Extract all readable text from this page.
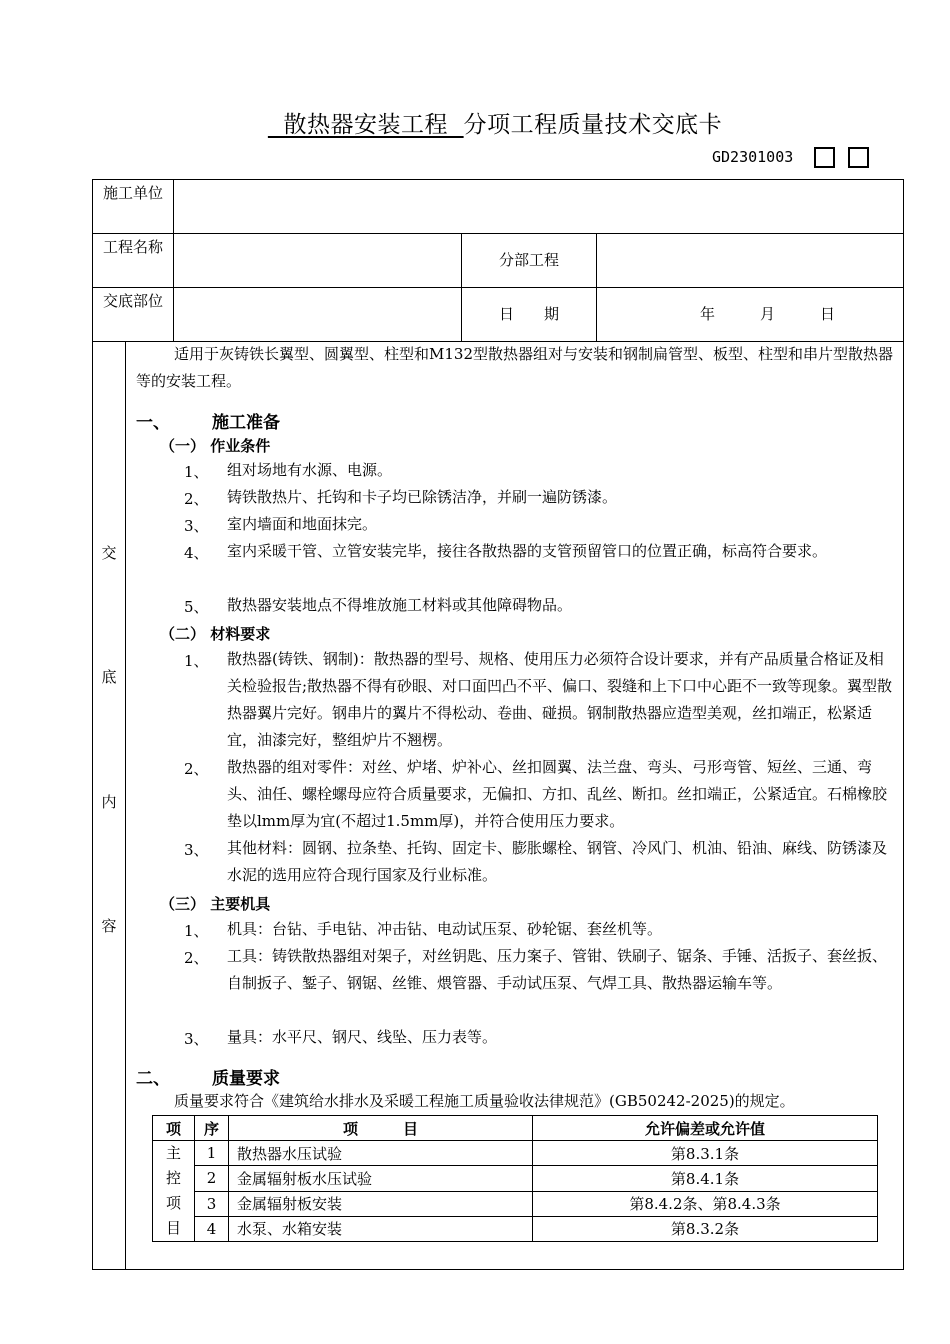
散热器安装工程 分项工程质量技术交底卡
GD2301003
施工单位
工程名称
分部工程
交底部位
日　　期	年　　　月　　　日
交
底
内
容
适用于灰铸铁长翼型、圆翼型、柱型和M132型散热器组对与安装和钢制扁管型、板型、柱型和串片型散热器等的安装工程。
一、 施工准备
（一） 作业条件
1、 组对场地有水源、电源。
2、 铸铁散热片、托钩和卡子均已除锈洁净，并刷一遍防锈漆。
3、 室内墙面和地面抹完。
4、 室内采暖干管、立管安装完毕，接往各散热器的支管预留管口的位置正确，标高符合要求。
5、 散热器安装地点不得堆放施工材料或其他障碍物品。
（二） 材料要求
1、 散热器(铸铁、钢制)：散热器的型号、规格、使用压力必须符合设计要求，并有产品质量合格证及相关检验报告;散热器不得有砂眼、对口面凹凸不平、偏口、裂缝和上下口中心距不一致等现象。翼型散热器翼片完好。钢串片的翼片不得松动、卷曲、碰损。钢制散热器应造型美观，丝扣端正，松紧适宜，油漆完好，整组炉片不翘楞。
2、 散热器的组对零件：对丝、炉堵、炉补心、丝扣圆翼、法兰盘、弯头、弓形弯管、短丝、三通、弯头、油任、螺栓螺母应符合质量要求，无偏扣、方扣、乱丝、断扣。丝扣端正，公紧适宜。石棉橡胶垫以lmm厚为宜(不超过1.5mm厚)，并符合使用压力要求。
3、 其他材料：圆钢、拉条垫、托钩、固定卡、膨胀螺栓、钢管、冷风门、机油、铅油、麻线、防锈漆及水泥的选用应符合现行国家及行业标准。
（三） 主要机具
1、 机具：台钻、手电钻、冲击钻、电动试压泵、砂轮锯、套丝机等。
2、 工具：铸铁散热器组对架子，对丝钥匙、压力案子、管钳、铁刷子、锯条、手锤、活扳子、套丝扳、自制扳子、錾子、钢锯、丝锥、煨管器、手动试压泵、气焊工具、散热器运输车等。
3、 量具：水平尺、钢尺、线坠、压力表等。
二、 质量要求
质量要求符合《建筑给水排水及采暖工程施工质量验收法律规范》(GB50242-2025)的规定。
项	序	项　　　目	允许偏差或允许值

主
控
项
目	1	散热器水压试验	第8.3.1条
	2	金属辐射板水压试验	第8.4.1条
	3	金属辐射板安装	第8.4.2条、第8.4.3条
	4	水泵、水箱安装	第8.3.2条
